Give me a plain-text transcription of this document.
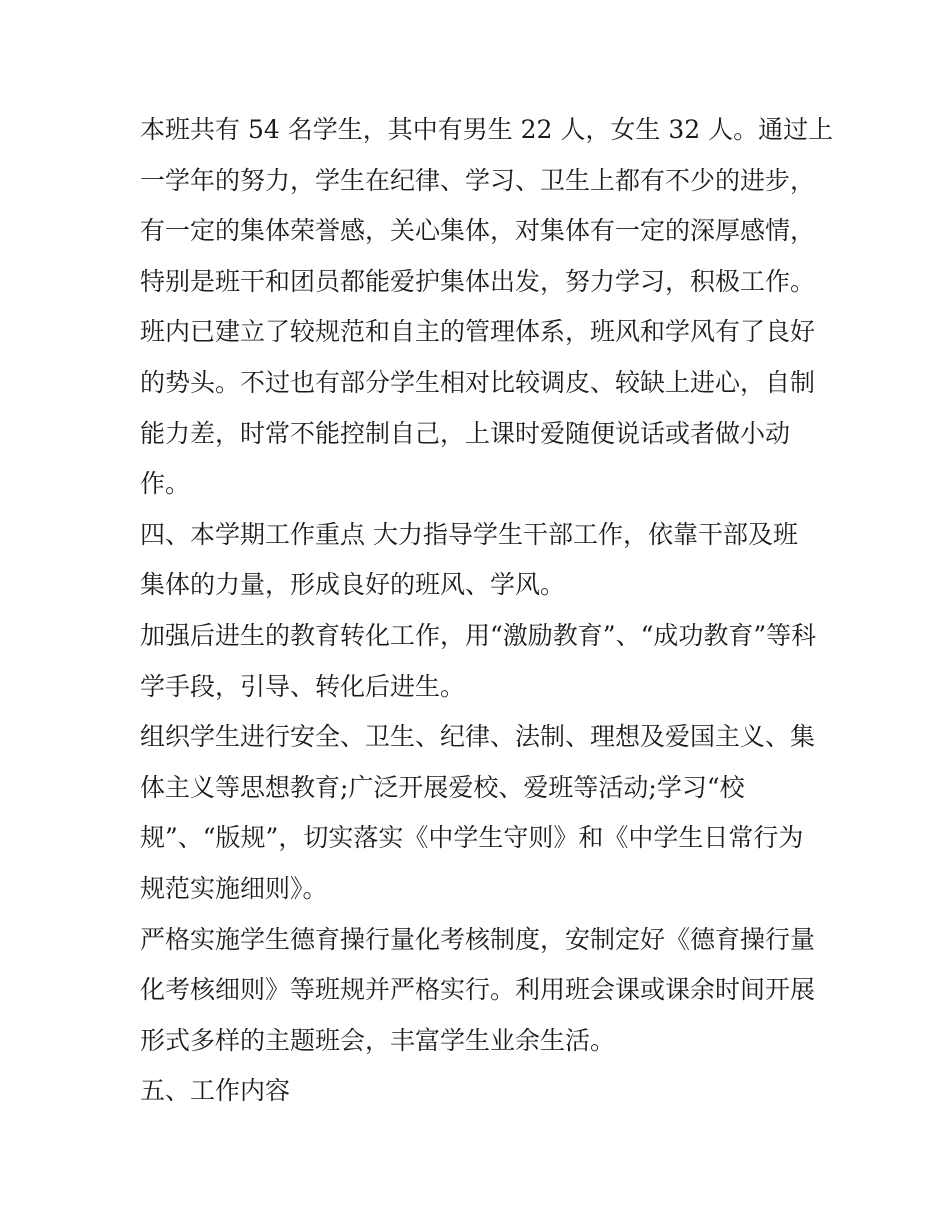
本班共有 54 名学生，其中有男生 22 人，女生 32 人。通过上
一学年的努力，学生在纪律、学习、卫生上都有不少的进步，
有一定的集体荣誉感，关心集体，对集体有一定的深厚感情，
特别是班干和团员都能爱护集体出发，努力学习，积极工作。
班内已建立了较规范和自主的管理体系，班风和学风有了良好
的势头。不过也有部分学生相对比较调皮、较缺上进心，自制
能力差，时常不能控制自己，上课时爱随便说话或者做小动
作。
四、本学期工作重点 大力指导学生干部工作，依靠干部及班
集体的力量，形成良好的班风、学风。
加强后进生的教育转化工作，用“激励教育”、“成功教育”等科
学手段，引导、转化后进生。
组织学生进行安全、卫生、纪律、法制、理想及爱国主义、集
体主义等思想教育;广泛开展爱校、爱班等活动;学习“校
规”、“版规”，切实落实《中学生守则》和《中学生日常行为
规范实施细则》。
严格实施学生德育操行量化考核制度，安制定好《德育操行量
化考核细则》等班规并严格实行。利用班会课或课余时间开展
形式多样的主题班会，丰富学生业余生活。
五、工作内容
